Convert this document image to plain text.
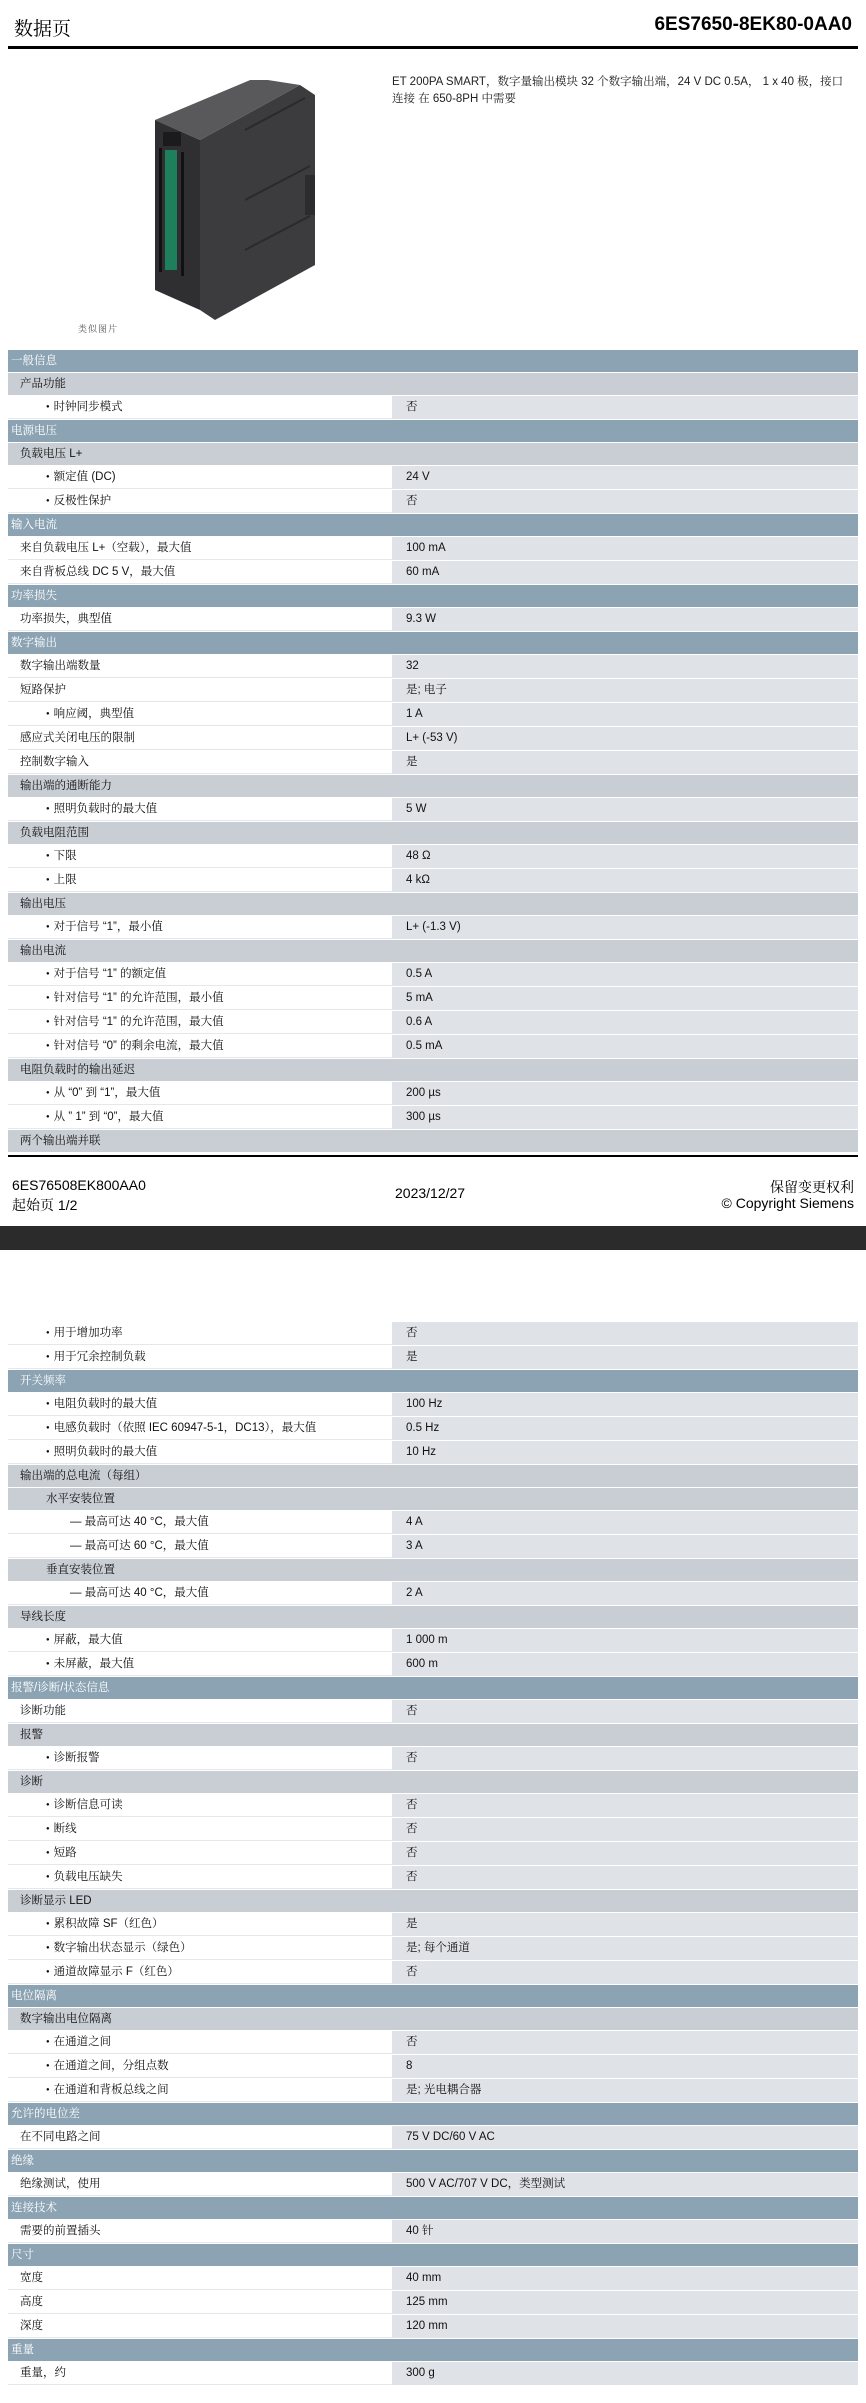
数据页	6ES7650-8EK80-0AA0
ET 200PA SMART，数字量输出模块 32 个数字输出端，24 V DC 0.5A， 1 x 40 极，接口连接 在 650-8PH 中需要
类似图片
一般信息
产品功能
● 时钟同步模式	否
电源电压
负载电压 L+
● 额定值 (DC)	24 V
● 反极性保护	否
输入电流
来自负载电压 L+（空载），最大值	100 mA
来自背板总线 DC 5 V，最大值	60 mA
功率损失
功率损失，典型值	9.3 W
数字输出
数字输出端数量	32
短路保护	是; 电子
● 响应阈，典型值	1 A
感应式关闭电压的限制	L+ (-53 V)
控制数字输入	是
输出端的通断能力
● 照明负载时的最大值	5 W
负载电阻范围
● 下限	48 Ω
● 上限	4 kΩ
输出电压
● 对于信号 “1”，最小值	L+ (-1.3 V)
输出电流
● 对于信号 “1” 的额定值	0.5 A
● 针对信号 “1” 的允许范围，最小值	5 mA
● 针对信号 “1” 的允许范围，最大值	0.6 A
● 针对信号 “0” 的剩余电流，最大值	0.5 mA
电阻负载时的输出延迟
● 从 “0” 到 “1”，最大值	200 µs
● 从 ” 1” 到 “0”，最大值	300 µs
两个输出端并联
6ES76508EK800AA0
起始页 1/2
2023/12/27	保留变更权利
© Copyright Siemens
● 用于增加功率	否
● 用于冗余控制负载	是
开关频率
● 电阻负载时的最大值	100 Hz
● 电感负载时（依照 IEC 60947-5-1，DC13），最大值	0.5 Hz
● 照明负载时的最大值	10 Hz
输出端的总电流（每组）
水平安装位置
— 最高可达 40 °C，最大值	4 A
— 最高可达 60 °C，最大值	3 A
垂直安装位置
— 最高可达 40 °C，最大值	2 A
导线长度
● 屏蔽，最大值	1 000 m
● 未屏蔽，最大值	600 m
报警/诊断/状态信息
诊断功能	否
报警
● 诊断报警	否
诊断
● 诊断信息可读	否
● 断线	否
● 短路	否
● 负载电压缺失	否
诊断显示 LED
● 累积故障 SF（红色）	是
● 数字输出状态显示（绿色）	是; 每个通道
● 通道故障显示 F（红色）	否
电位隔离
数字输出电位隔离
● 在通道之间	否
● 在通道之间，分组点数	8
● 在通道和背板总线之间	是; 光电耦合器
允许的电位差
在不同电路之间	75 V DC/60 V AC
绝缘
绝缘测试，使用	500 V AC/707 V DC，类型测试
连接技术
需要的前置插头	40 针
尺寸
宽度	40 mm
高度	125 mm
深度	120 mm
重量
重量，约	300 g
